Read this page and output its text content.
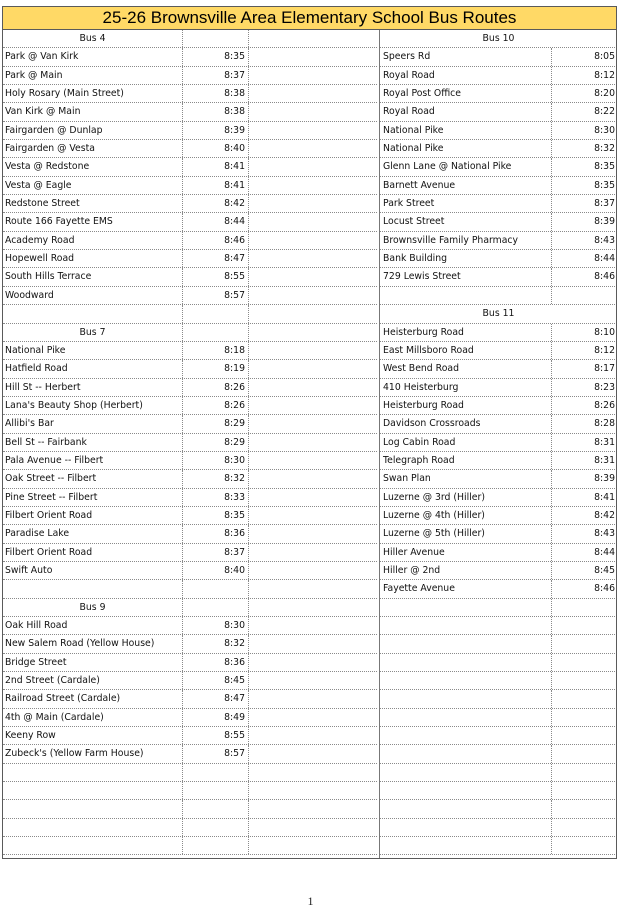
25-26 Brownsville Area Elementary School Bus Routes
Bus 4
Park @ Van Kirk	8:35
Park @ Main	8:37
Holy Rosary (Main Street)	8:38
Van Kirk @ Main	8:38
Fairgarden @ Dunlap	8:39
Fairgarden @ Vesta	8:40
Vesta @ Redstone	8:41
Vesta @ Eagle	8:41
Redstone Street	8:42
Route 166 Fayette EMS	8:44
Academy Road	8:46
Hopewell Road	8:47
South Hills Terrace	8:55
Woodward	8:57
Bus 7
National Pike	8:18
Hatfield Road	8:19
Hill St -- Herbert	8:26
Lana's Beauty Shop (Herbert)	8:26
Allibi's Bar	8:29
Bell St -- Fairbank	8:29
Pala Avenue -- Filbert	8:30
Oak Street -- Filbert	8:32
Pine Street -- Filbert	8:33
Filbert Orient Road	8:35
Paradise Lake	8:36
Filbert Orient Road	8:37
Swift Auto	8:40
Bus 9
Oak Hill Road	8:30
New Salem Road (Yellow House)	8:32
Bridge Street	8:36
2nd Street (Cardale)	8:45
Railroad Street (Cardale)	8:47
4th @ Main (Cardale)	8:49
Keeny Row	8:55
Zubeck's (Yellow Farm House)	8:57
Bus 10
Speers Rd	8:05
Royal Road	8:12
Royal Post Office	8:20
Royal Road	8:22
National Pike	8:30
National Pike	8:32
Glenn Lane @ National Pike	8:35
Barnett Avenue	8:35
Park Street	8:37
Locust Street	8:39
Brownsville Family Pharmacy	8:43
Bank Building	8:44
729 Lewis Street	8:46
Bus 11
Heisterburg Road	8:10
East Millsboro Road	8:12
West Bend Road	8:17
410 Heisterburg	8:23
Heisterburg Road	8:26
Davidson Crossroads	8:28
Log Cabin Road	8:31
Telegraph Road	8:31
Swan Plan	8:39
Luzerne @ 3rd (Hiller)	8:41
Luzerne @ 4th (Hiller)	8:42
Luzerne @ 5th (Hiller)	8:43
Hiller Avenue	8:44
Hiller @ 2nd	8:45
Fayette Avenue	8:46
1
